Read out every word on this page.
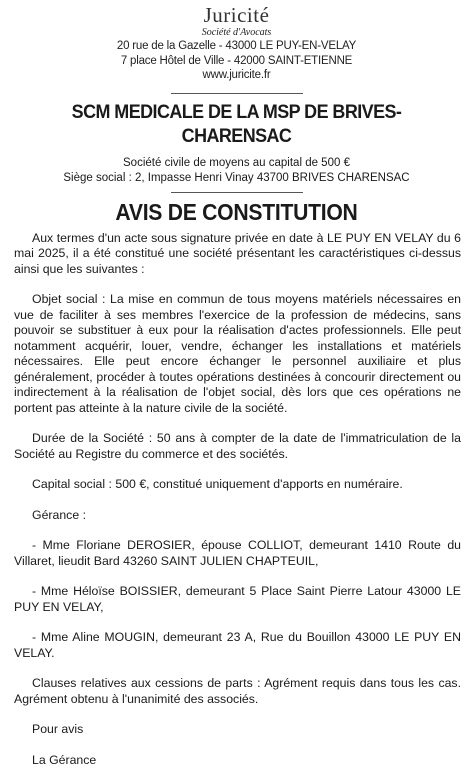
Juricité
Société d'Avocats
20 rue de la Gazelle - 43000 LE PUY-EN-VELAY
7 place Hôtel de Ville - 42000 SAINT-ETIENNE
www.juricite.fr
SCM MEDICALE DE LA MSP DE BRIVES-CHARENSAC
Société civile de moyens au capital de 500 €
Siège social : 2, Impasse Henri Vinay 43700 BRIVES CHARENSAC
AVIS DE CONSTITUTION

Aux termes d'un acte sous signature privée en date à LE PUY EN VELAY du 6 mai 2025, il a été constitué une société présentant les caractéristiques ci-dessus ainsi que les suivantes :

Objet social : La mise en commun de tous moyens matériels nécessaires en vue de faciliter à ses membres l'exercice de la profession de médecins, sans pouvoir se substituer à eux pour la réalisation d'actes professionnels. Elle peut notamment acquérir, louer, vendre, échanger les installations et matériels nécessaires. Elle peut encore échanger le personnel auxiliaire et plus généralement, procéder à toutes opérations destinées à concourir directement ou indirectement à la réalisation de l'objet social, dès lors que ces opérations ne portent pas atteinte à la nature civile de la société.

Durée de la Société : 50 ans à compter de la date de l'immatriculation de la Société au Registre du commerce et des sociétés.

Capital social : 500 €, constitué uniquement d'apports en numéraire.

Gérance :

- Mme Floriane DEROSIER, épouse COLLIOT, demeurant 1410 Route du Villaret, lieudit Bard 43260 SAINT JULIEN CHAPTEUIL,

- Mme Héloïse BOISSIER, demeurant 5 Place Saint Pierre Latour 43000 LE PUY EN VELAY,

- Mme Aline MOUGIN, demeurant 23 A, Rue du Bouillon 43000 LE PUY EN VELAY.

Clauses relatives aux cessions de parts : Agrément requis dans tous les cas. Agrément obtenu à l'unanimité des associés.

Pour avis

La Gérance
